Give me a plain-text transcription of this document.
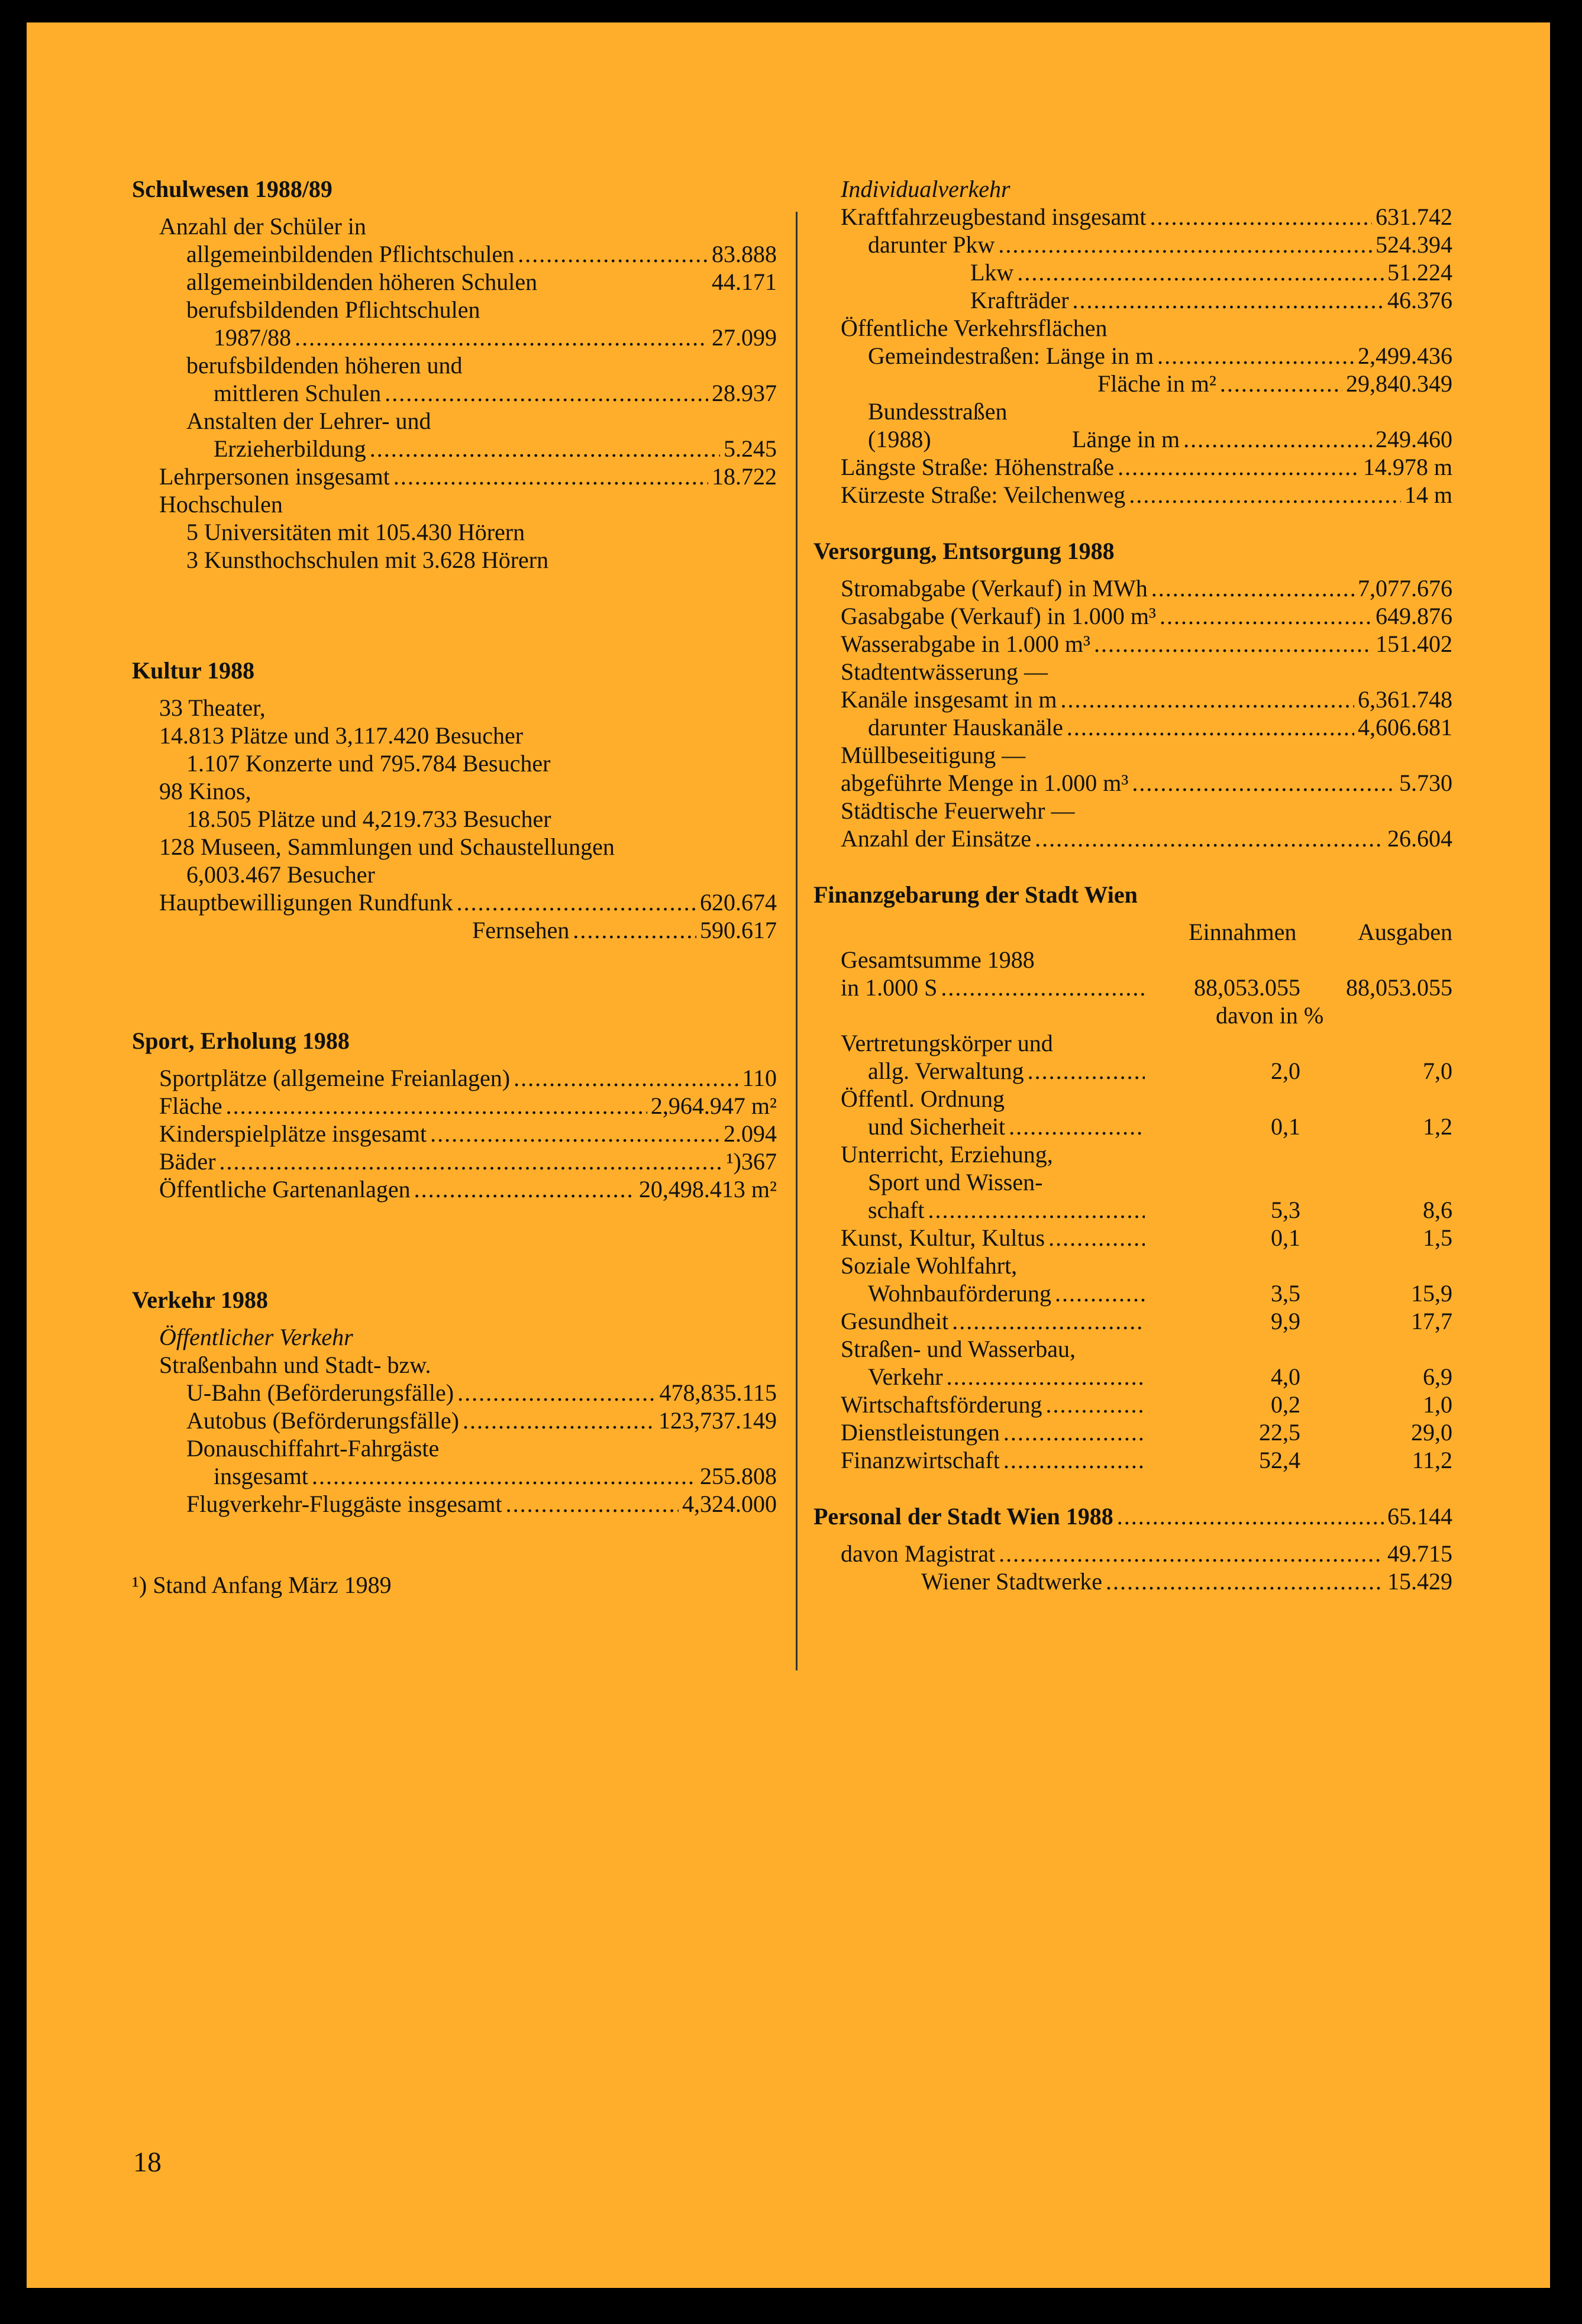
Schulwesen 1988/89
Anzahl der Schüler in
allgemeinbildenden Pflichtschulen .....	83.888
allgemeinbildenden höheren Schulen	44.171
berufsbildenden Pflichtschulen
1987/88 .....	27.099
berufsbildenden höheren und
mittleren Schulen .....	28.937
Anstalten der Lehrer- und
Erzieherbildung .....	5.245
Lehrpersonen insgesamt .....	18.722
Hochschulen
5 Universitäten mit 105.430 Hörern
3 Kunsthochschulen mit 3.628 Hörern
Kultur 1988
33 Theater,
14.813 Plätze und 3,117.420 Besucher
1.107 Konzerte und 795.784 Besucher
98 Kinos,
18.505 Plätze und 4,219.733 Besucher
128 Museen, Sammlungen und Schaustellungen
6,003.467 Besucher
Hauptbewilligungen Rundfunk .....	620.674
Fernsehen .....	590.617
Sport, Erholung 1988
Sportplätze (allgemeine Freianlagen) .....	110
Fläche .....	2,964.947 m²
Kinderspielplätze insgesamt .....	2.094
Bäder .....	¹)367
Öffentliche Gartenanlagen .....	20,498.413 m²
Verkehr 1988
Öffentlicher Verkehr
Straßenbahn und Stadt- bzw.
U-Bahn (Beförderungsfälle) .....	478,835.115
Autobus (Beförderungsfälle) .....	123,737.149
Donauschiffahrt-Fahrgäste
insgesamt .....	255.808
Flugverkehr-Fluggäste insgesamt .....	4,324.000
¹) Stand Anfang März 1989
Individualverkehr
Kraftfahrzeugbestand insgesamt .....	631.742
darunter Pkw .....	524.394
Lkw .....	51.224
Krafträder .....	46.376
Öffentliche Verkehrsflächen
Gemeindestraßen: Länge in m .....	2,499.436
Fläche in m² .....	29,840.349
Bundesstraßen
(1988)	Länge in m .....	249.460
Längste Straße: Höhenstraße .....	14.978 m
Kürzeste Straße: Veilchenweg .....	14 m
Versorgung, Entsorgung 1988
Stromabgabe (Verkauf) in MWh .....	7,077.676
Gasabgabe (Verkauf) in 1.000 m³ .....	649.876
Wasserabgabe in 1.000 m³ .....	151.402
Stadtentwässerung —
Kanäle insgesamt in m .....	6,361.748
darunter Hauskanäle .....	4,606.681
Müllbeseitigung —
abgeführte Menge in 1.000 m³ .....	5.730
Städtische Feuerwehr —
Anzahl der Einsätze .....	26.604
Finanzgebarung der Stadt Wien
Einnahmen	Ausgaben
Gesamtsumme 1988
in 1.000 S .....	88,053.055	88,053.055
davon in %
Vertretungskörper und
allg. Verwaltung .....	2,0	7,0
Öffentl. Ordnung
und Sicherheit .....	0,1	1,2
Unterricht, Erziehung,
Sport und Wissen-
schaft .....	5,3	8,6
Kunst, Kultur, Kultus .....	0,1	1,5
Soziale Wohlfahrt,
Wohnbauförderung .....	3,5	15,9
Gesundheit .....	9,9	17,7
Straßen- und Wasserbau,
Verkehr .....	4,0	6,9
Wirtschaftsförderung .....	0,2	1,0
Dienstleistungen .....	22,5	29,0
Finanzwirtschaft .....	52,4	11,2
Personal der Stadt Wien 1988 .....	65.144
davon Magistrat .....	49.715
Wiener Stadtwerke .....	15.429
18
